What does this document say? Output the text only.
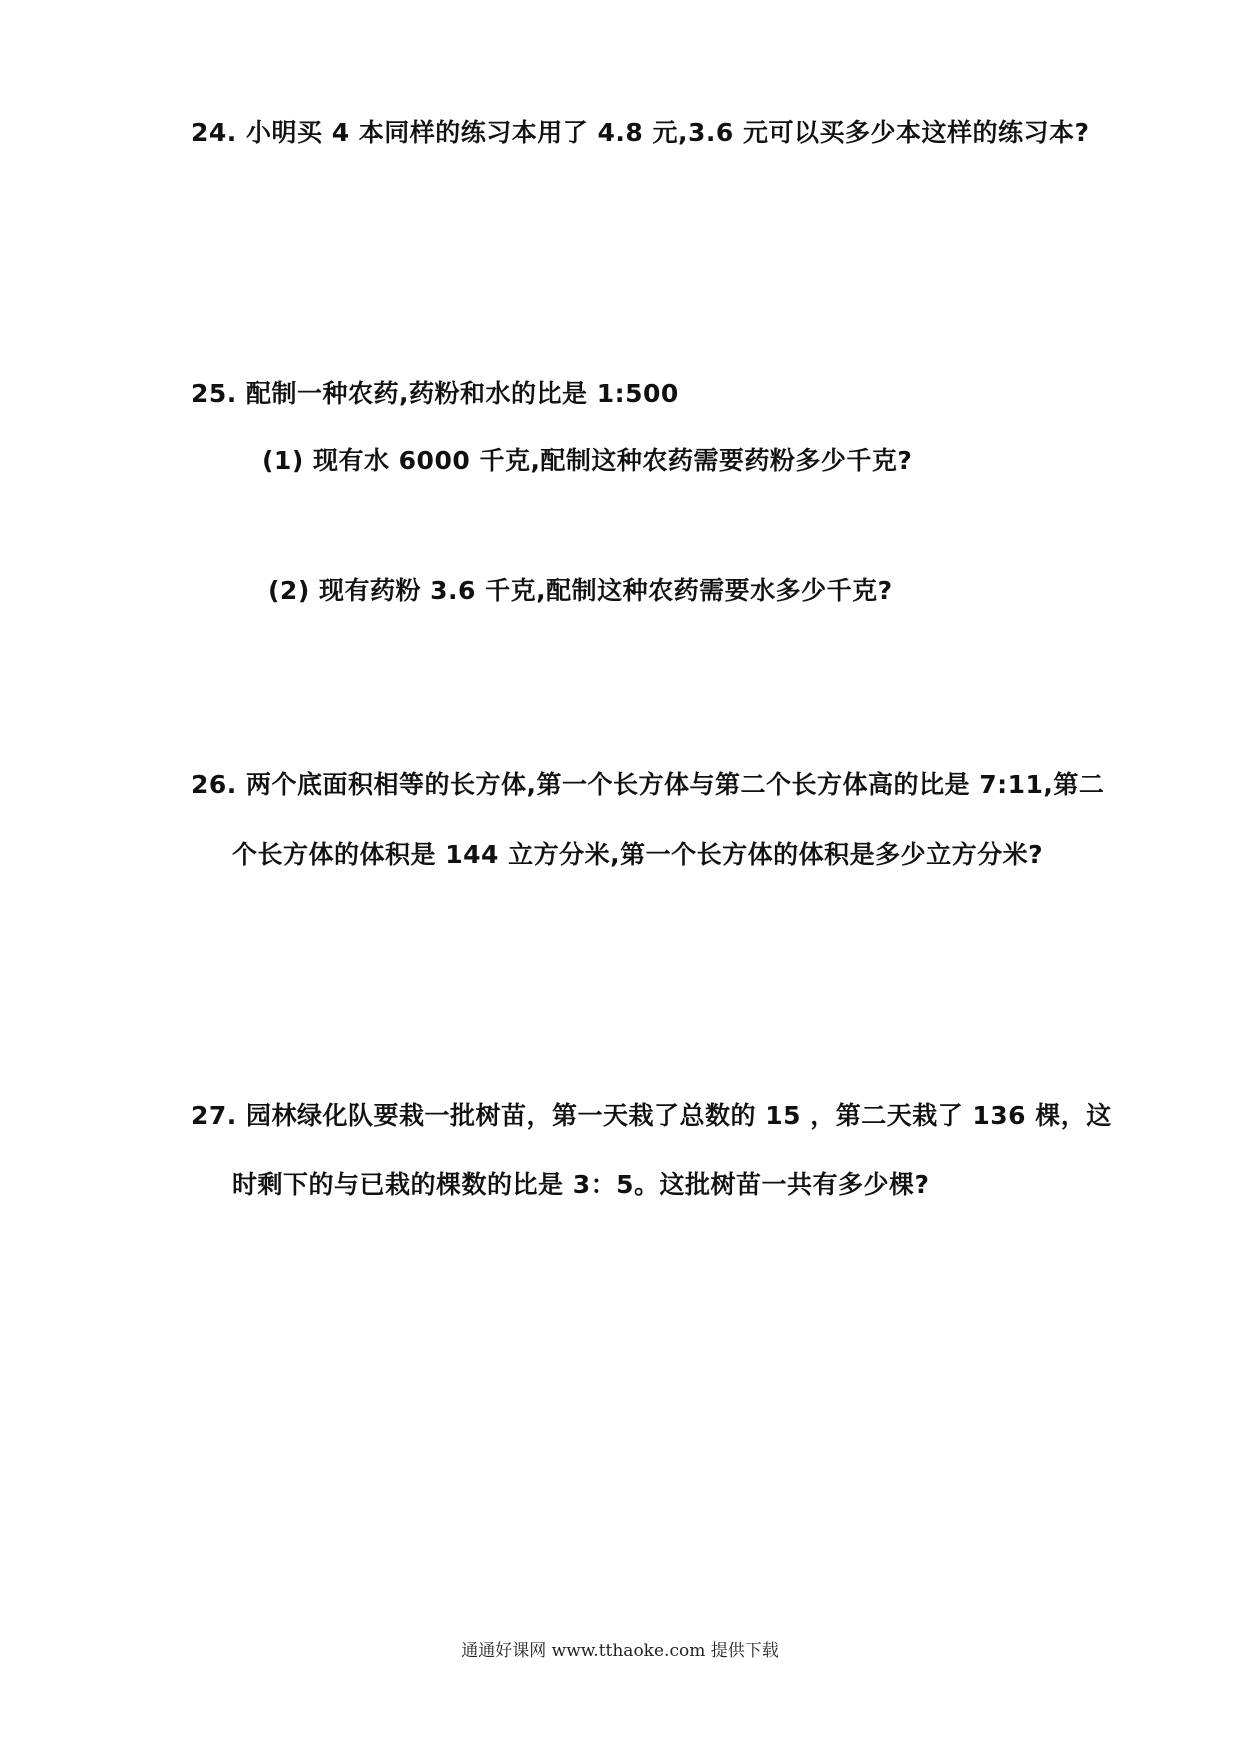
24. 小明买 4 本同样的练习本用了 4.8 元,3.6 元可以买多少本这样的练习本?
25. 配制一种农药,药粉和水的比是 1:500
(1) 现有水 6000 千克,配制这种农药需要药粉多少千克?
(2) 现有药粉 3.6 千克,配制这种农药需要水多少千克?
26. 两个底面积相等的长方体,第一个长方体与第二个长方体高的比是 7:11,第二
个长方体的体积是 144 立方分米,第一个长方体的体积是多少立方分米?
27. 园林绿化队要栽一批树苗，第一天栽了总数的 15 ，第二天栽了 136 棵，这
时剩下的与已栽的棵数的比是 3：5。这批树苗一共有多少棵?
通通好课网 www.tthaoke.com 提供下载
